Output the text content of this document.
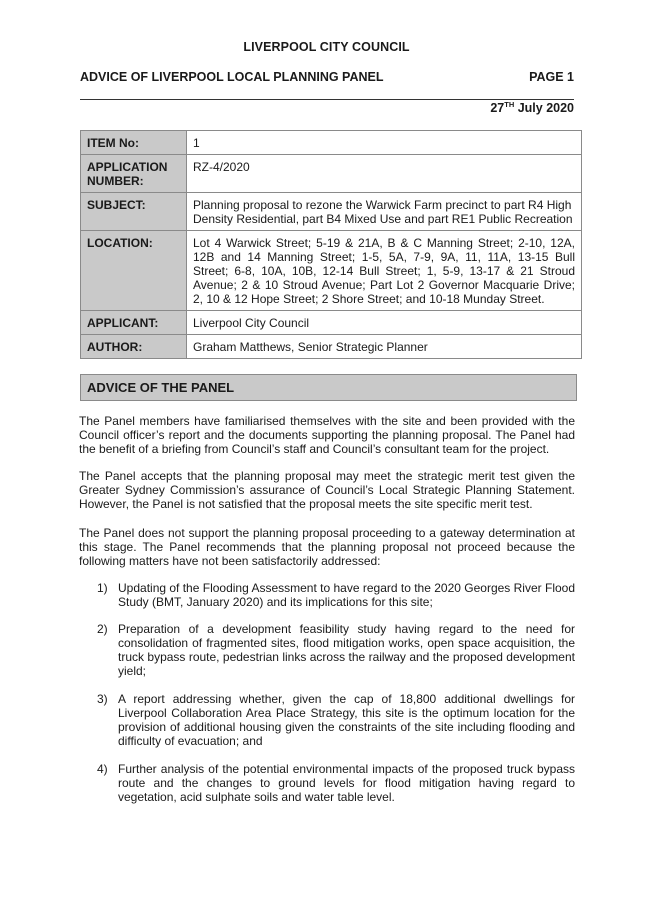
LIVERPOOL CITY COUNCIL
ADVICE OF LIVERPOOL LOCAL PLANNING PANEL	PAGE 1
27TH July 2020
ITEM No:	1
APPLICATION
NUMBER:	RZ-4/2020
SUBJECT:	Planning proposal to rezone the Warwick Farm precinct to part R4 High Density Residential, part B4 Mixed Use and part RE1 Public Recreation
LOCATION:	Lot 4 Warwick Street; 5-19 & 21A, B & C Manning Street; 2-10, 12A, 12B and 14 Manning Street; 1-5, 5A, 7-9, 9A, 11, 11A, 13-15 Bull Street; 6-8, 10A, 10B, 12-14 Bull Street; 1, 5-9, 13-17 & 21 Stroud Avenue; 2 & 10 Stroud Avenue; Part Lot 2 Governor Macquarie Drive; 2, 10 & 12 Hope Street; 2 Shore Street; and 10-18 Munday Street.
APPLICANT:	Liverpool City Council
AUTHOR:	Graham Matthews, Senior Strategic Planner
ADVICE OF THE PANEL
The Panel members have familiarised themselves with the site and been provided with the Council officer’s report and the documents supporting the planning proposal. The Panel had the benefit of a briefing from Council’s staff and Council’s consultant team for the project.
The Panel accepts that the planning proposal may meet the strategic merit test given the Greater Sydney Commission’s assurance of Council’s Local Strategic Planning Statement. However, the Panel is not satisfied that the proposal meets the site specific merit test.
The Panel does not support the planning proposal proceeding to a gateway determination at this stage. The Panel recommends that the planning proposal not proceed because the following matters have not been satisfactorily addressed:
1) Updating of the Flooding Assessment to have regard to the 2020 Georges River Flood Study (BMT, January 2020) and its implications for this site;
2) Preparation of a development feasibility study having regard to the need for consolidation of fragmented sites, flood mitigation works, open space acquisition, the truck bypass route, pedestrian links across the railway and the proposed development yield;
3) A report addressing whether, given the cap of 18,800 additional dwellings for Liverpool Collaboration Area Place Strategy, this site is the optimum location for the provision of additional housing given the constraints of the site including flooding and difficulty of evacuation; and
4) Further analysis of the potential environmental impacts of the proposed truck bypass route and the changes to ground levels for flood mitigation having regard to vegetation, acid sulphate soils and water table level.
